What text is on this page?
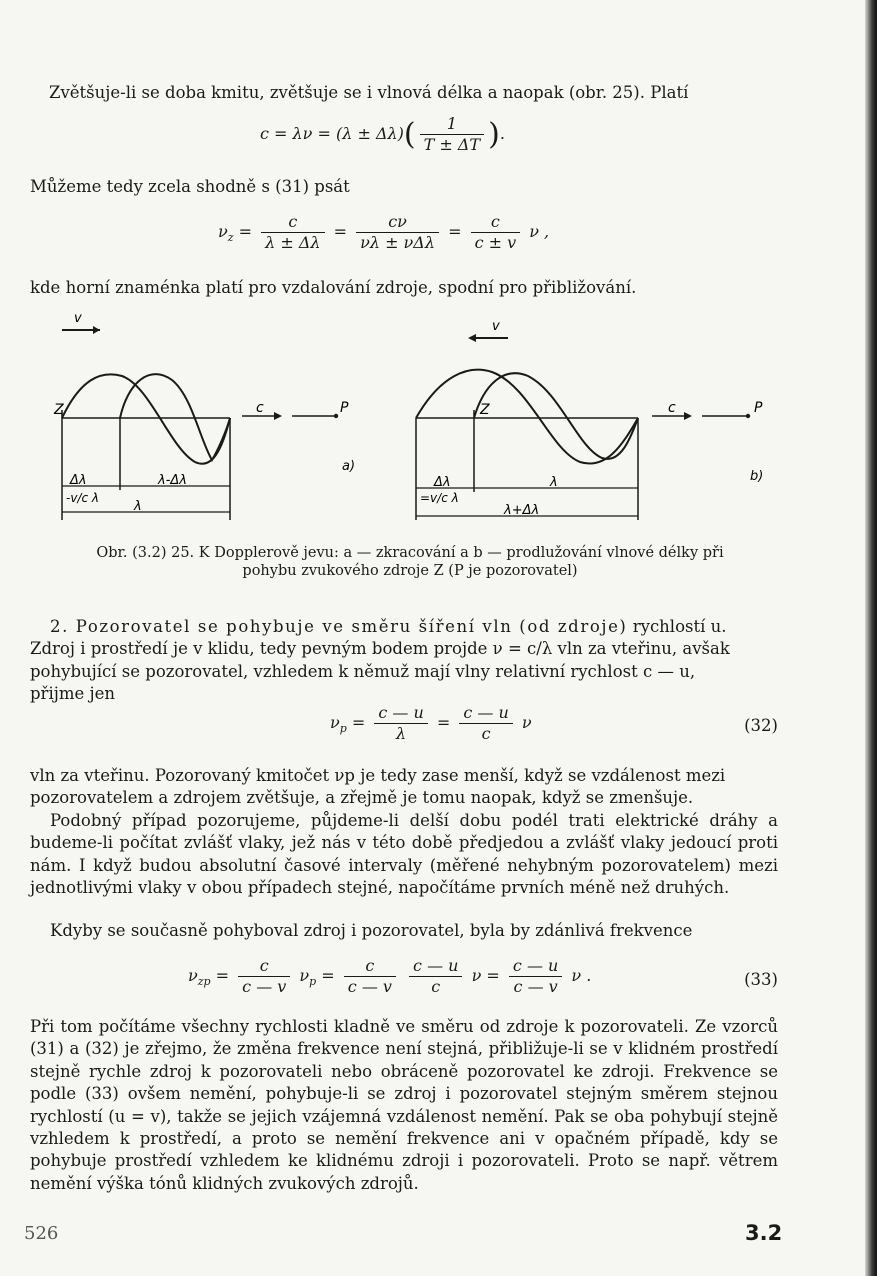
Zvětšuje-li se doba kmitu, zvětšuje se i vlnová délka a naopak (obr. 25). Platí
$c = \lambda\nu = (\lambda \pm \Delta\lambda)( \frac{1}{T \pm \Delta T}$ ).
Můžeme tedy zcela shodně s (31) psát
$\nu_z = \frac{c}{\lambda \pm \Delta\lambda} = \frac{c\nu}{\text{νλ ± νΔλ}} = \frac{c}{c \pm v}$ ν ,
kde horní znaménka platí pro vzdalování zdroje, spodní pro přibližování.
v
Z	c	P
a)
Δλ	λ-Δλ
-v/c λ
λ
v
Z	c	P
b)
Δλ	λ
=v/c λ
λ+Δλ
Obr. (3.2) 25. K Dopplerově jevu: a — zkracování a b — prodlužování vlnové délky při
pohybu zvukového zdroje Z (P je pozorovatel)
2. Pozorovatel se pohybuje ve směru šíření vln (od zdroje) rychlostí u.
Zdroj i prostředí je v klidu, tedy pevným bodem projde ν = c/λ vln za vteřinu, avšak
pohybující se pozorovatel, vzhledem k němuž mají vlny relativní rychlost c — u,
přijme jen
$\nu_p = \frac{c — u}{\lambda} = \frac{c — u}{c}$ ν	(32)
vln za vteřinu. Pozorovaný kmitočet νp je tedy zase menší, když se vzdálenost mezi
pozorovatelem a zdrojem zvětšuje, a zřejmě je tomu naopak, když se zmenšuje.
Podobný případ pozorujeme, půjdeme-li delší dobu podél trati elektrické dráhy a budeme-li počítat zvlášť vlaky, jež nás v této době předjedou a zvlášť vlaky jedoucí proti nám. I když budou absolutní časové intervaly (měřené nehybným pozorovatelem) mezi jednotlivými vlaky v obou případech stejné, napočítáme prvních méně než druhých.
Kdyby se současně pohyboval zdroj i pozorovatel, byla by zdánlivá frekvence
$\nu_{zp} = \frac{c}{c — v} \nu_p = \frac{c}{c — v}$
$\frac{c — u}{c}$ $\nu = \frac{c — u}{c — v}$ ν .	(33)
Při tom počítáme všechny rychlosti kladně ve směru od zdroje k pozorovateli. Ze vzorců (31) a (32) je zřejmo, že změna frekvence není stejná, přibližuje-li se v klidném prostředí stejně rychle zdroj k pozorovateli nebo obráceně pozorovatel ke zdroji. Frekvence se podle (33) ovšem nemění, pohybuje-li se zdroj i pozorovatel stejným směrem stejnou rychlostí (u = v), takže se jejich vzájemná vzdálenost nemění. Pak se oba pohybují stejně vzhledem k prostředí, a proto se nemění frekvence ani v opačném případě, kdy se pohybuje prostředí vzhledem ke klidnému zdroji i pozorovateli. Proto se např. větrem nemění výška tónů klidných zvukových zdrojů.
526	3.2
